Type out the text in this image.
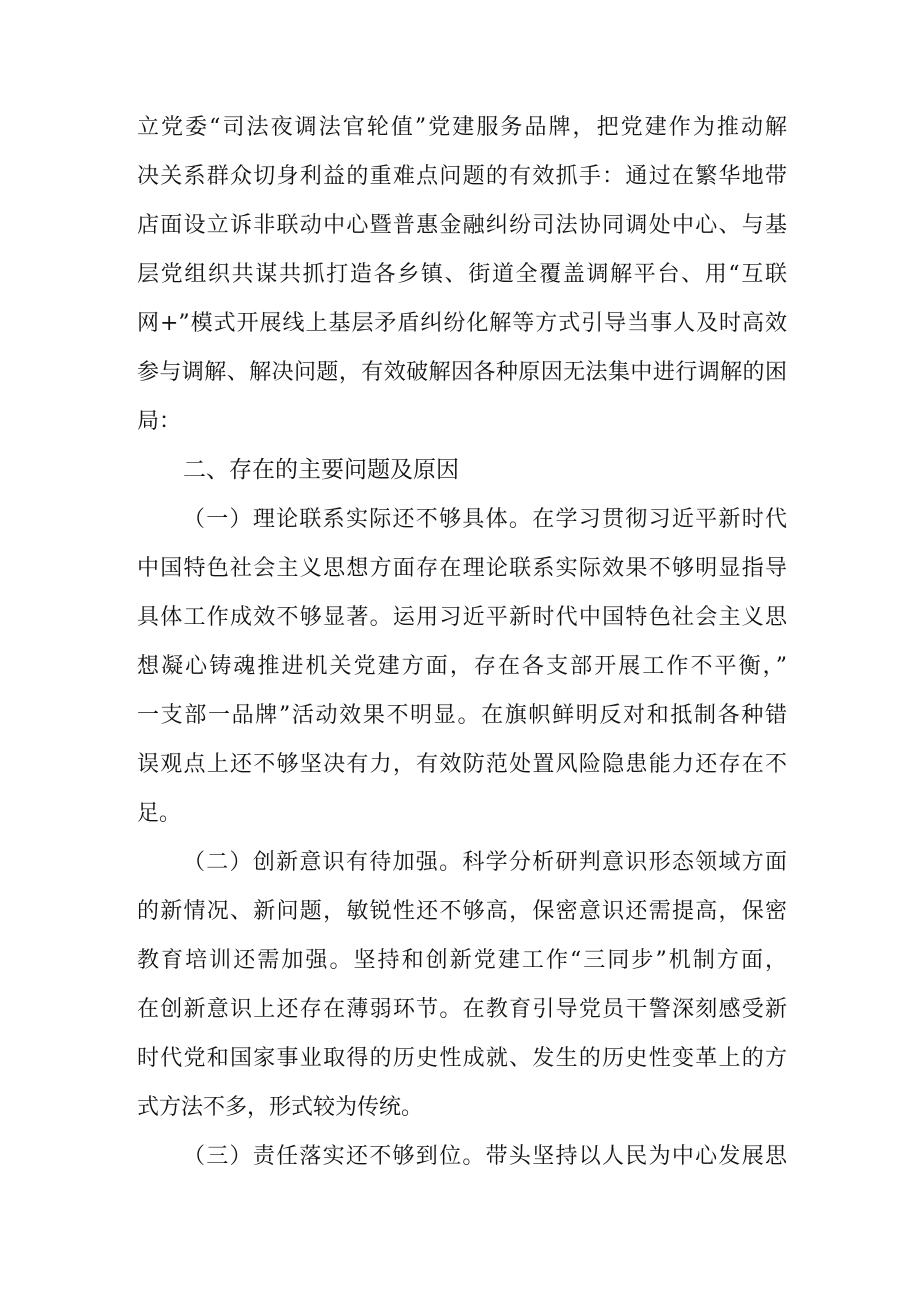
立党委“司法夜调法官轮值”党建服务品牌，把党建作为推动解
决关系群众切身利益的重难点问题的有效抓手：通过在繁华地带
店面设立诉非联动中心暨普惠金融纠纷司法协同调处中心、与基
层党组织共谋共抓打造各乡镇、街道全覆盖调解平台、用“互联
网+”模式开展线上基层矛盾纠纷化解等方式引导当事人及时高效
参与调解、解决问题，有效破解因各种原因无法集中进行调解的困
局：
二、存在的主要问题及原因
（一）理论联系实际还不够具体。在学习贯彻习近平新时代
中国特色社会主义思想方面存在理论联系实际效果不够明显指导
具体工作成效不够显著。运用习近平新时代中国特色社会主义思
想凝心铸魂推进机关党建方面，存在各支部开展工作不平衡，”
一支部一品牌”活动效果不明显。在旗帜鲜明反对和抵制各种错
误观点上还不够坚决有力，有效防范处置风险隐患能力还存在不
足。
（二）创新意识有待加强。科学分析研判意识形态领域方面
的新情况、新问题，敏锐性还不够高，保密意识还需提高，保密
教育培训还需加强。坚持和创新党建工作“三同步”机制方面，
在创新意识上还存在薄弱环节。在教育引导党员干警深刻感受新
时代党和国家事业取得的历史性成就、发生的历史性变革上的方
式方法不多，形式较为传统。
（三）责任落实还不够到位。带头坚持以人民为中心发展思
